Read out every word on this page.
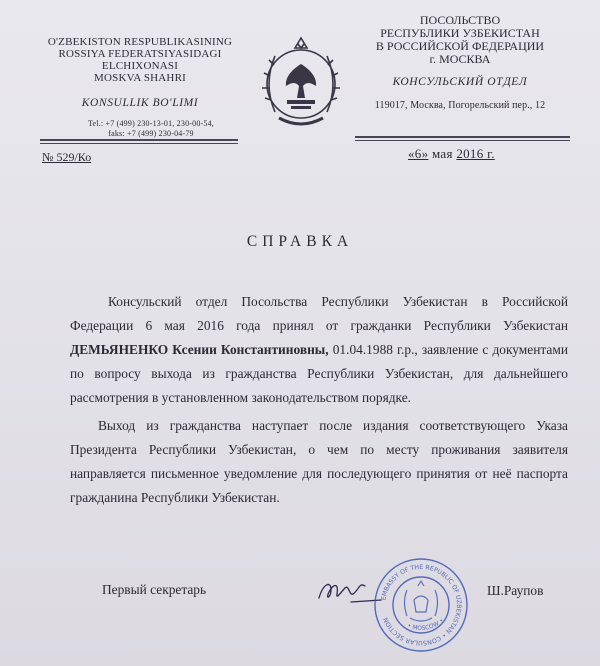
O'ZBEKISTON RESPUBLIKASINING
ROSSIYA FEDERATSIYASIDAGI
ELCHIXONASI
MOSKVA SHAHRI
KONSULLIK BO'LIMI
Tel.: +7 (499) 230-13-01, 230-00-54,
faks: +7 (499) 230-04-79
ПОСОЛЬСТВО
РЕСПУБЛИКИ УЗБЕКИСТАН
В РОССИЙСКОЙ ФЕДЕРАЦИИ
г. МОСКВА
КОНСУЛЬСКИЙ ОТДЕЛ
119017, Москва, Погорельский пер., 12
№ 529/Ко	«6» мая 2016 г.
СПРАВКА

Консульский отдел Посольства Республики Узбекистан в Российской Федерации 6 мая 2016 года принял от гражданки Республики Узбекистан ДЕМЬЯНЕНКО Ксении Константиновны, 01.04.1988 г.р., заявление с документами по вопросу выхода из гражданства Республики Узбекистан, для дальнейшего рассмотрения в установленном законодательством порядке.

Выход из гражданства наступает после издания соответствующего Указа Президента Республики Узбекистан, о чем по месту проживания заявителя направляется письменное уведомление для последующего принятия от неё паспорта гражданина Республики Узбекистан.

Первый секретарь
EMBASSY OF THE REPUBLIC OF UZBEKISTAN • CONSULAR SECTION
• MOSCOW •
Ш.Раупов
